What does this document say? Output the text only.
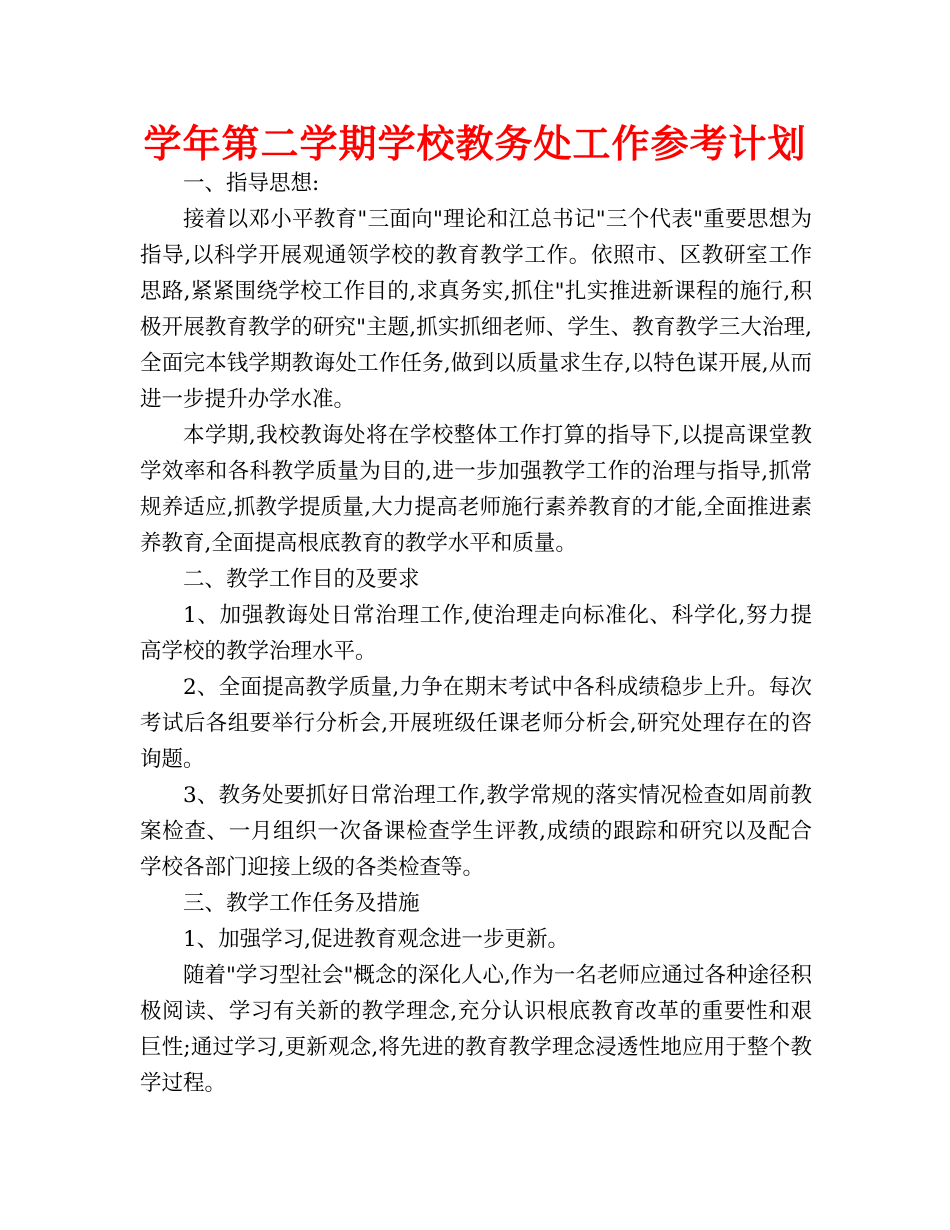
学年第二学期学校教务处工作参考计划

一、指导思想:

接着以邓小平教育"三面向"理论和江总书记"三个代表"重要思想为指导,以科学开展观通领学校的教育教学工作。依照市、区教研室工作思路,紧紧围绕学校工作目的,求真务实,抓住"扎实推进新课程的施行,积极开展教育教学的研究"主题,抓实抓细老师、学生、教育教学三大治理,全面完本钱学期教诲处工作任务,做到以质量求生存,以特色谋开展,从而进一步提升办学水准。

本学期,我校教诲处将在学校整体工作打算的指导下,以提高课堂教学效率和各科教学质量为目的,进一步加强教学工作的治理与指导,抓常规养适应,抓教学提质量,大力提高老师施行素养教育的才能,全面推进素养教育,全面提高根底教育的教学水平和质量。

二、教学工作目的及要求

1、加强教诲处日常治理工作,使治理走向标准化、科学化,努力提高学校的教学治理水平。

2、全面提高教学质量,力争在期末考试中各科成绩稳步上升。每次考试后各组要举行分析会,开展班级任课老师分析会,研究处理存在的咨询题。

3、教务处要抓好日常治理工作,教学常规的落实情况检查如周前教案检查、一月组织一次备课检查学生评教,成绩的跟踪和研究以及配合学校各部门迎接上级的各类检查等。

三、教学工作任务及措施

1、加强学习,促进教育观念进一步更新。

随着"学习型社会"概念的深化人心,作为一名老师应通过各种途径积极阅读、学习有关新的教学理念,充分认识根底教育改革的重要性和艰巨性;通过学习,更新观念,将先进的教育教学理念浸透性地应用于整个教学过程。
